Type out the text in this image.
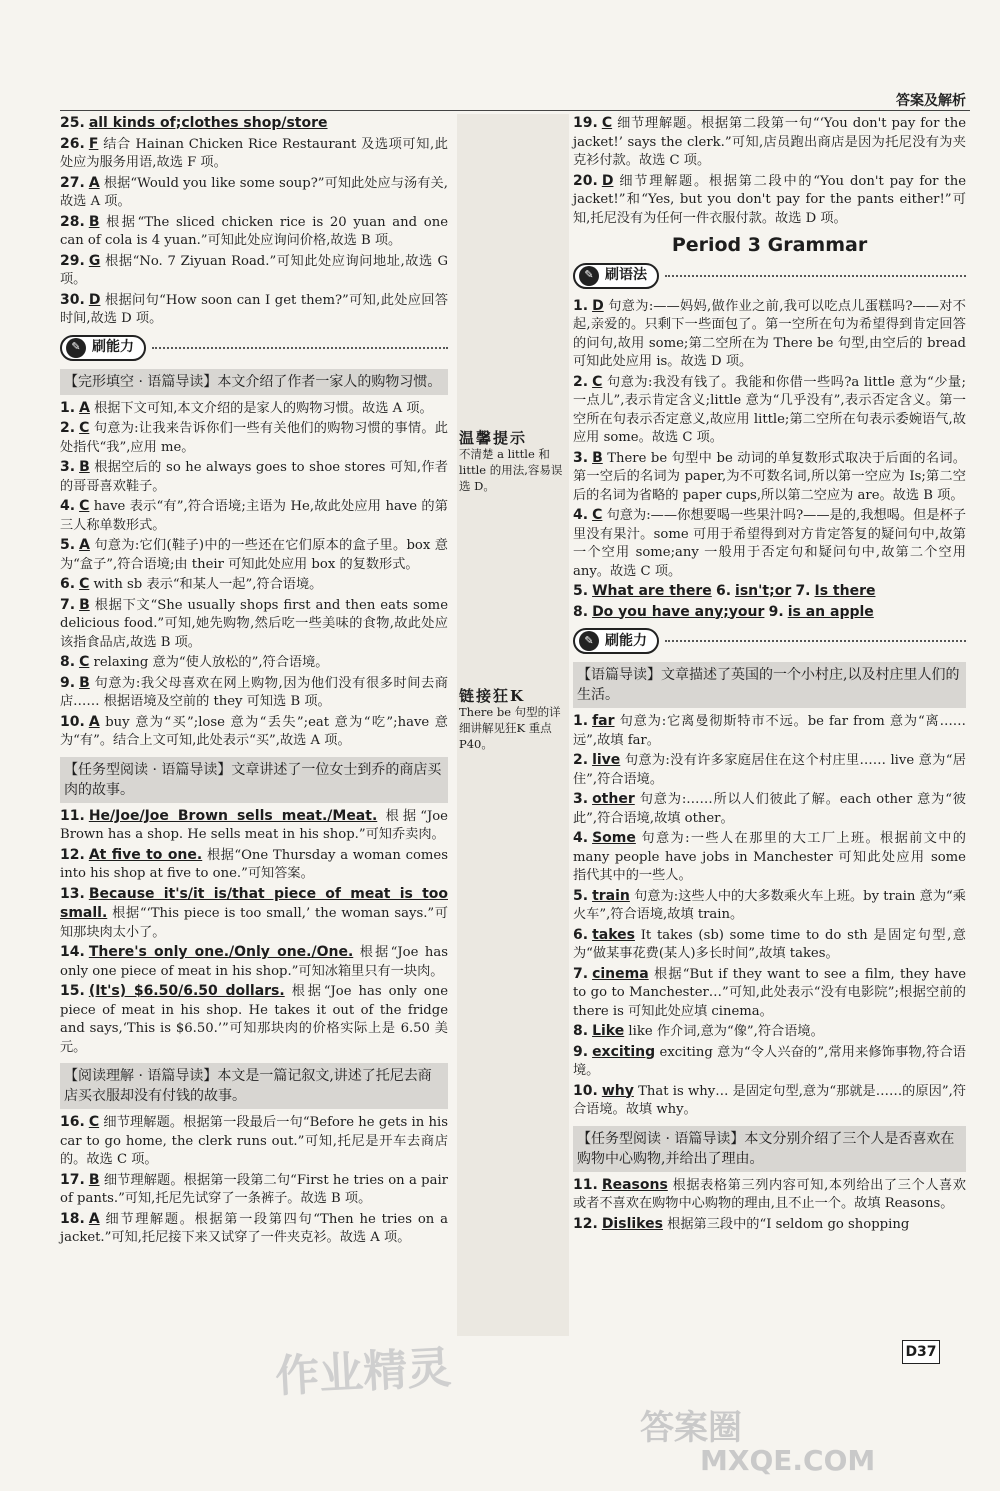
答案及解析
温馨提示
不清楚 a little 和 little 的用法,容易误选 D。
链接狂K
There be 句型的详细讲解见狂K 重点 P40。
25. all kinds of;clothes shop/store
26. F 结合 Hainan Chicken Rice Restaurant 及选项可知,此处应为服务用语,故选 F 项。
27. A 根据“Would you like some soup?”可知此处应与汤有关,故选 A 项。
28. B 根据“The sliced chicken rice is 20 yuan and one can of cola is 4 yuan.”可知此处应询问价格,故选 B 项。
29. G 根据“No. 7 Ziyuan Road.”可知此处应询问地址,故选 G 项。
30. D 根据问句“How soon can I get them?”可知,此处应回答时间,故选 D 项。
✎ 刷能力
【完形填空 · 语篇导读】本文介绍了作者一家人的购物习惯。
1. A 根据下文可知,本文介绍的是家人的购物习惯。故选 A 项。
2. C 句意为:让我来告诉你们一些有关他们的购物习惯的事情。此处指代“我”,应用 me。
3. B 根据空后的 so he always goes to shoe stores 可知,作者的哥哥喜欢鞋子。
4. C have 表示“有”,符合语境;主语为 He,故此处应用 have 的第三人称单数形式。
5. A 句意为:它们(鞋子)中的一些还在它们原本的盒子里。box 意为“盒子”,符合语境;由 their 可知此处应用 box 的复数形式。
6. C with sb 表示“和某人一起”,符合语境。
7. B 根据下文“She usually shops first and then eats some delicious food.”可知,她先购物,然后吃一些美味的食物,故此处应该指食品店,故选 B 项。
8. C relaxing 意为“使人放松的”,符合语境。
9. B 句意为:我父母喜欢在网上购物,因为他们没有很多时间去商店…… 根据语境及空前的 they 可知选 B 项。
10. A buy 意为“买”;lose 意为“丢失”;eat 意为“吃”;have 意为“有”。结合上文可知,此处表示“买”,故选 A 项。
【任务型阅读 · 语篇导读】文章讲述了一位女士到乔的商店买肉的故事。
11. He/Joe/Joe Brown sells meat./Meat. 根据“Joe Brown has a shop. He sells meat in his shop.”可知乔卖肉。
12. At five to one. 根据“One Thursday a woman comes into his shop at five to one.”可知答案。
13. Because it's/it is/that piece of meat is too small. 根据“‘This piece is too small,’ the woman says.”可知那块肉太小了。
14. There's only one./Only one./One. 根据“Joe has only one piece of meat in his shop.”可知冰箱里只有一块肉。
15. (It's) $6.50/6.50 dollars. 根据“Joe has only one piece of meat in his shop. He takes it out of the fridge and says,‘This is $6.50.’”可知那块肉的价格实际上是 6.50 美元。
【阅读理解 · 语篇导读】本文是一篇记叙文,讲述了托尼去商店买衣服却没有付钱的故事。
16. C 细节理解题。根据第一段最后一句“Before he gets in his car to go home, the clerk runs out.”可知,托尼是开车去商店的。故选 C 项。
17. B 细节理解题。根据第一段第二句“First he tries on a pair of pants.”可知,托尼先试穿了一条裤子。故选 B 项。
18. A 细节理解题。根据第一段第四句“Then he tries on a jacket.”可知,托尼接下来又试穿了一件夹克衫。故选 A 项。
19. C 细节理解题。根据第二段第一句“‘You don't pay for the jacket!’ says the clerk.”可知,店员跑出商店是因为托尼没有为夹克衫付款。故选 C 项。
20. D 细节理解题。根据第二段中的“You don't pay for the jacket!”和“Yes, but you don't pay for the pants either!”可知,托尼没有为任何一件衣服付款。故选 D 项。
Period 3 Grammar
✎ 刷语法
1. D 句意为:——妈妈,做作业之前,我可以吃点儿蛋糕吗?——对不起,亲爱的。只剩下一些面包了。第一空所在句为希望得到肯定回答的问句,故用 some;第二空所在为 There be 句型,由空后的 bread 可知此处应用 is。故选 D 项。
2. C 句意为:我没有钱了。我能和你借一些吗?a little 意为“少量;一点儿”,表示肯定含义;little 意为“几乎没有”,表示否定含义。第一空所在句表示否定意义,故应用 little;第二空所在句表示委婉语气,故应用 some。故选 C 项。
3. B There be 句型中 be 动词的单复数形式取决于后面的名词。第一空后的名词为 paper,为不可数名词,所以第一空应为 Is;第二空后的名词为省略的 paper cups,所以第二空应为 are。故选 B 项。
4. C 句意为:——你想要喝一些果汁吗?——是的,我想喝。但是杯子里没有果汁。some 可用于希望得到对方肯定答复的疑问句中,故第一个空用 some;any 一般用于否定句和疑问句中,故第二个空用 any。故选 C 项。
5. What are there 6. isn't;or 7. Is there
8. Do you have any;your 9. is an apple
✎ 刷能力
【语篇导读】文章描述了英国的一个小村庄,以及村庄里人们的生活。
1. far 句意为:它离曼彻斯特市不远。be far from 意为“离……远”,故填 far。
2. live 句意为:没有许多家庭居住在这个村庄里…… live 意为“居住”,符合语境。
3. other 句意为:……所以人们彼此了解。each other 意为“彼此”,符合语境,故填 other。
4. Some 句意为:一些人在那里的大工厂上班。根据前文中的 many people have jobs in Manchester 可知此处应用 some 指代其中的一些人。
5. train 句意为:这些人中的大多数乘火车上班。by train 意为“乘火车”,符合语境,故填 train。
6. takes It takes (sb) some time to do sth 是固定句型,意为“做某事花费(某人)多长时间”,故填 takes。
7. cinema 根据“But if they want to see a film, they have to go to Manchester…”可知,此处表示“没有电影院”;根据空前的 there is 可知此处应填 cinema。
8. Like like 作介词,意为“像”,符合语境。
9. exciting exciting 意为“令人兴奋的”,常用来修饰事物,符合语境。
10. why That is why… 是固定句型,意为“那就是……的原因”,符合语境。故填 why。
【任务型阅读 · 语篇导读】本文分别介绍了三个人是否喜欢在购物中心购物,并给出了理由。
11. Reasons 根据表格第三列内容可知,本列给出了三个人喜欢或者不喜欢在购物中心购物的理由,且不止一个。故填 Reasons。
12. Dislikes 根据第三段中的“I seldom go shopping
D37
作业精灵
答案圈
MXQE.COM
